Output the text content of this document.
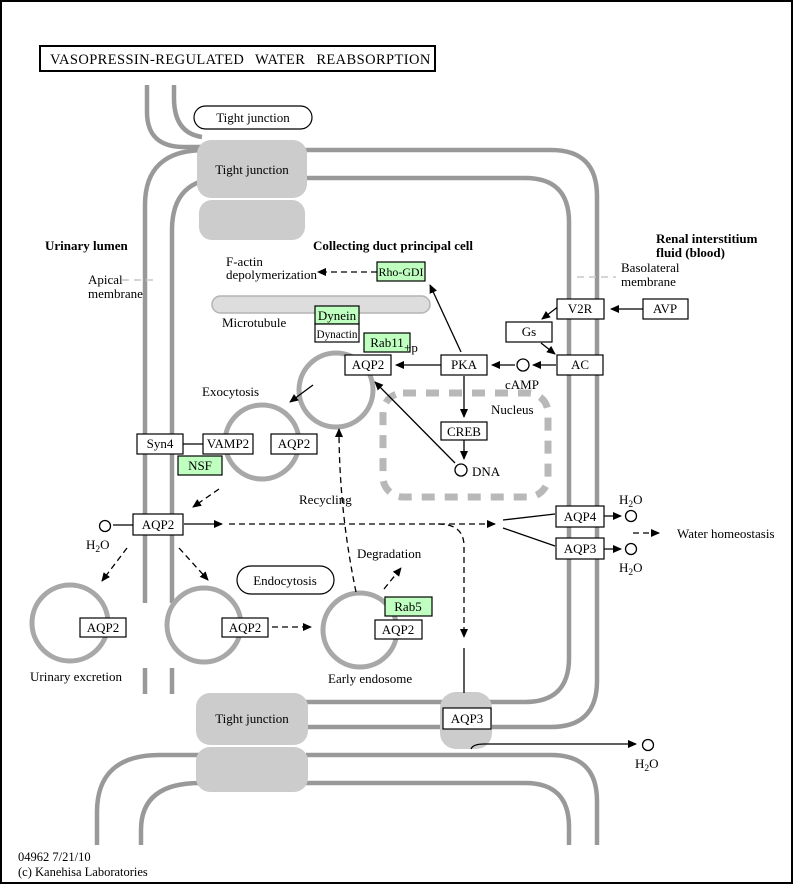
V2R	AVP
Gs
AC
PKA
AQP2
Rab11
Dynein
Dynactin
Rho-GDI
CREB
Syn4	VAMP2
NSF
AQP2
AQP2
AQP2	AQP2
Rab5
AQP2
AQP4
AQP3
AQP3
Tight junction
Endocytosis
Tight junction
Tight junction
Urinary lumen	Collecting duct principal cell	Renal interstitium
fluid (blood)
Apical
membrane
Basolateral
membrane
F-actin
depolymerization
Microtubule
Exocytosis
Recycling
Degradation
Nucleus
DNA
cAMP
+p
Early endosome
Urinary excretion
Water homeostasis
$H_2O$
$H_2O$
$H_2O$
$H_2O$
VASOPRESSIN-REGULATED WATER REABSORPTION
04962 7/21/10
(c) Kanehisa Laboratories
